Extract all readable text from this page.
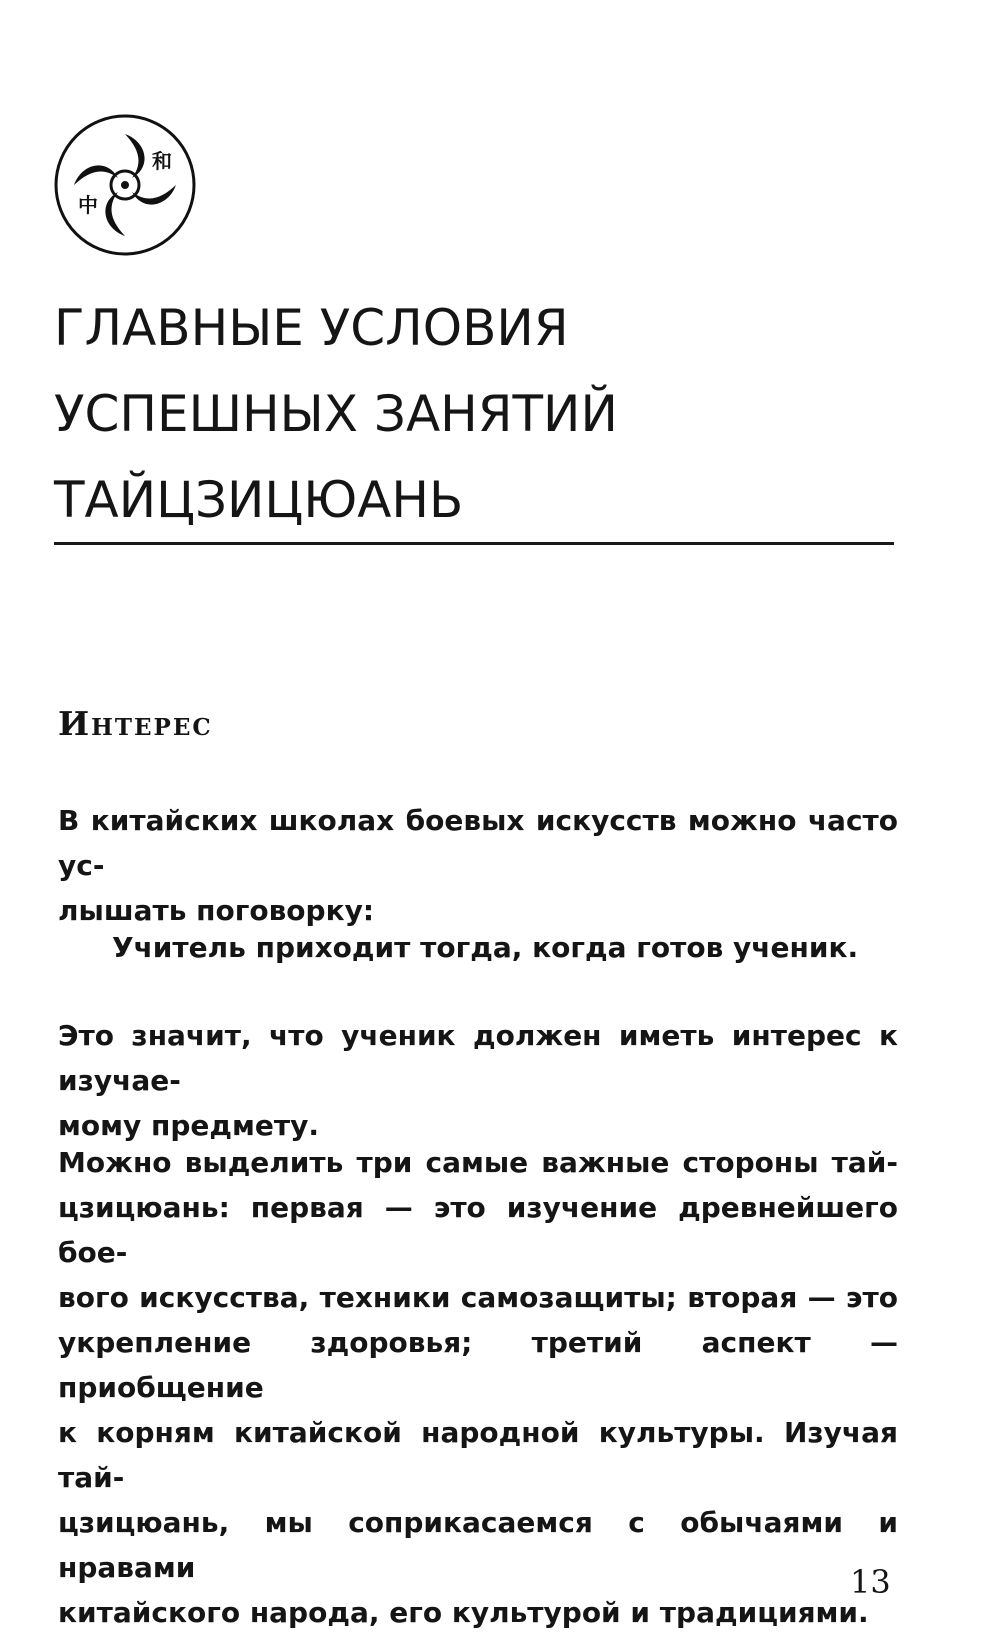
和
中
ГЛАВНЫЕ УСЛОВИЯ
УСПЕШНЫХ ЗАНЯТИЙ
ТАЙЦЗИЦЮАНЬ
Интерес

В китайских школах боевых искусств можно часто ус-
лышать поговорку:

Учитель приходит тогда, когда готов ученик.

Это значит, что ученик должен иметь интерес к изучае-
мому предмету.

Можно выделить три самые важные стороны тай-
цзицюань: первая — это изучение древнейшего бое-
вого искусства, техники самозащиты; вторая — это
укрепление здоровья; третий аспект — приобщение
к корням китайской народной культуры. Изучая тай-
цзицюань, мы соприкасаемся с обычаями и нравами
китайского народа, его культурой и традициями.

13
